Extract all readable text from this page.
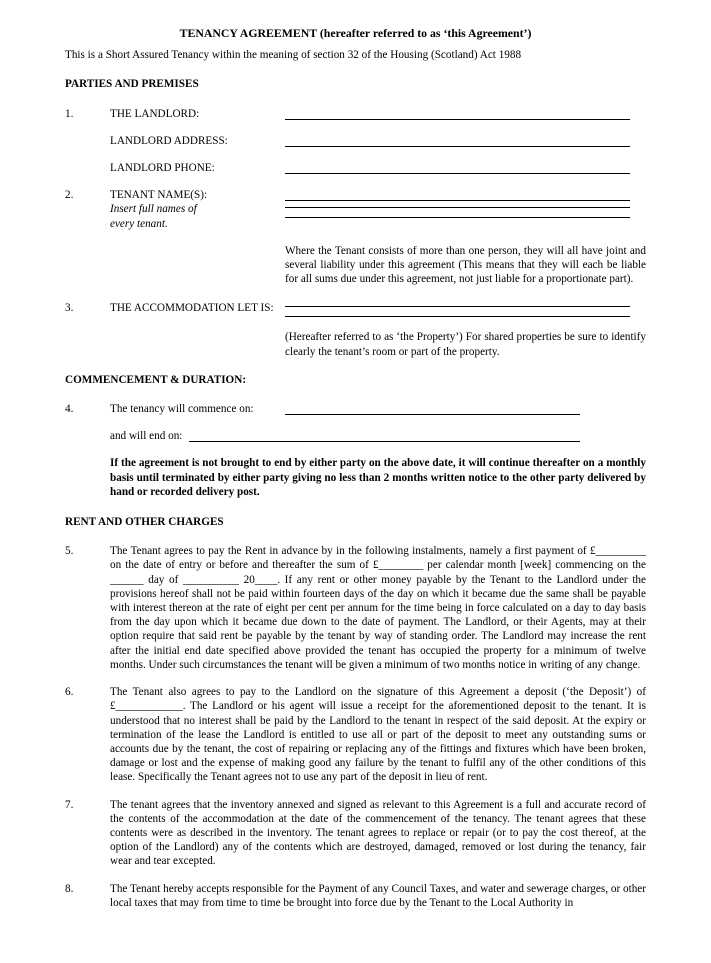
TENANCY AGREEMENT (hereafter referred to as ‘this Agreement’)
This is a Short Assured Tenancy within the meaning of section 32 of the Housing (Scotland) Act 1988
PARTIES AND PREMISES
1.	THE LANDLORD:
LANDLORD ADDRESS:
LANDLORD PHONE:
2.	TENANT NAME(S):
Insert full names of every tenant.
Where the Tenant consists of more than one person, they will all have joint and several liability under this agreement (This means that they will each be liable for all sums due under this agreement, not just liable for a proportionate part).
3.	THE ACCOMMODATION LET IS:
(Hereafter referred to as ‘the Property’) For shared properties be sure to identify clearly the tenant’s room or part of the property.
COMMENCEMENT & DURATION:
4.	The tenancy will commence on:
and will end on:
If the agreement is not brought to end by either party on the above date, it will continue thereafter on a monthly basis until terminated by either party giving no less than 2 months written notice to the other party delivered by hand or recorded delivery post.
RENT AND OTHER CHARGES
5.	The Tenant agrees to pay the Rent in advance by in the following instalments, namely a first payment of £_________ on the date of entry or before and thereafter the sum of £________ per calendar month [week] commencing on the ______ day of __________ 20____. If any rent or other money payable by the Tenant to the Landlord under the provisions hereof shall not be paid within fourteen days of the day on which it became due the same shall be payable with interest thereon at the rate of eight per cent per annum for the time being in force calculated on a day to day basis from the day upon which it became due down to the date of payment. The Landlord, or their Agents, may at their option require that said rent be payable by the tenant by way of standing order. The Landlord may increase the rent after the initial end date specified above provided the tenant has occupied the property for a minimum of twelve months. Under such circumstances the tenant will be given a minimum of two months notice in writing of any change.
6.	The Tenant also agrees to pay to the Landlord on the signature of this Agreement a deposit (‘the Deposit’) of £____________. The Landlord or his agent will issue a receipt for the aforementioned deposit to the tenant. It is understood that no interest shall be paid by the Landlord to the tenant in respect of the said deposit. At the expiry or termination of the lease the Landlord is entitled to use all or part of the deposit to meet any outstanding sums or accounts due by the tenant, the cost of repairing or replacing any of the fittings and fixtures which have been broken, damage or lost and the expense of making good any failure by the tenant to fulfil any of the other conditions of this lease. Specifically the Tenant agrees not to use any part of the deposit in lieu of rent.
7.	The tenant agrees that the inventory annexed and signed as relevant to this Agreement is a full and accurate record of the contents of the accommodation at the date of the commencement of the tenancy. The tenant agrees that these contents were as described in the inventory. The tenant agrees to replace or repair (or to pay the cost thereof, at the option of the Landlord) any of the contents which are destroyed, damaged, removed or lost during the tenancy, fair wear and tear excepted.
8.	The Tenant hereby accepts responsible for the Payment of any Council Taxes, and water and sewerage charges, or other local taxes that may from time to time be brought into force due by the Tenant to the Local Authority in
